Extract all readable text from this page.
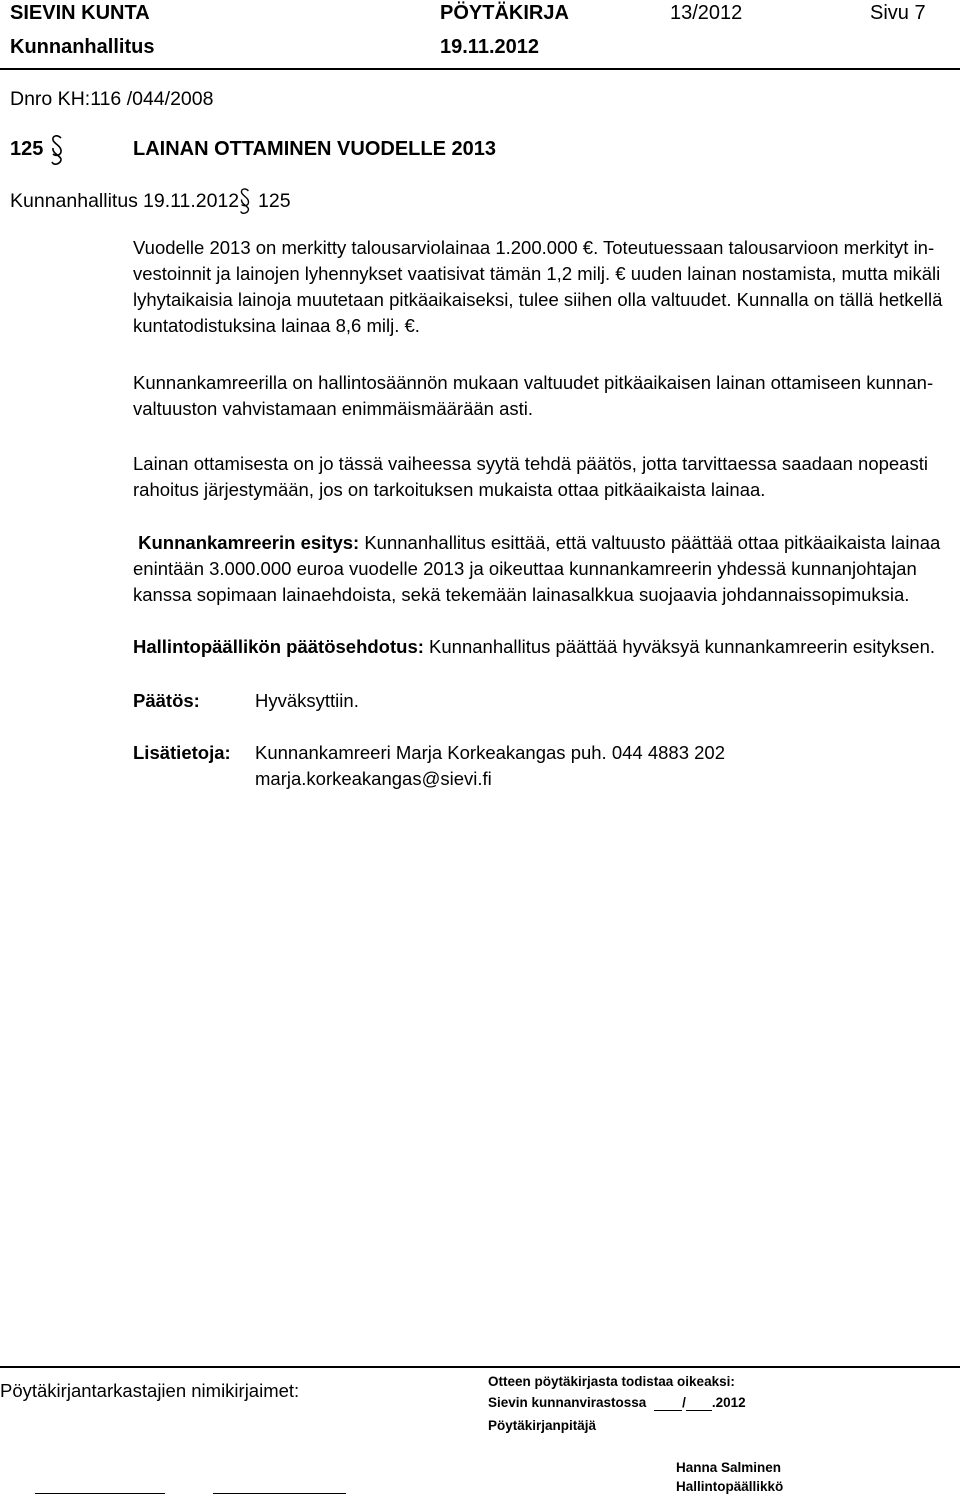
SIEVIN KUNTA	PÖYTÄKIRJA	13/2012	Sivu 7
Kunnanhallitus	19.11.2012
Dnro KH:116 /044/2008
125	LAINAN OTTAMINEN VUODELLE 2013
Kunnanhallitus 19.11.2012 125
Vuodelle 2013 on merkitty talousarviolainaa 1.200.000 €. Toteutuessaan talousarvioon merkityt in-
vestoinnit ja lainojen lyhennykset vaatisivat tämän 1,2 milj. € uuden lainan nostamista, mutta mikäli
lyhytaikaisia lainoja muutetaan pitkäaikaiseksi, tulee siihen olla valtuudet. Kunnalla on tällä hetkellä
kuntatodistuksina lainaa 8,6 milj. €.
Kunnankamreerilla on hallintosäännön mukaan valtuudet pitkäaikaisen lainan ottamiseen kunnan-
valtuuston vahvistamaan enimmäismäärään asti.
Lainan ottamisesta on jo tässä vaiheessa syytä tehdä päätös, jotta tarvittaessa saadaan nopeasti
rahoitus järjestymään, jos on tarkoituksen mukaista ottaa pitkäaikaista lainaa.
Kunnankamreerin esitys: Kunnanhallitus esittää, että valtuusto päättää ottaa pitkäaikaista lainaa
enintään 3.000.000 euroa vuodelle 2013 ja oikeuttaa kunnankamreerin yhdessä kunnanjohtajan
kanssa sopimaan lainaehdoista, sekä tekemään lainasalkkua suojaavia johdannaissopimuksia.
Hallintopäällikön päätösehdotus: Kunnanhallitus päättää hyväksyä kunnankamreerin esityksen.
Päätös:	Hyväksyttiin.
Lisätietoja: Kunnankamreeri Marja Korkeakangas puh. 044 4883 202
marja.korkeakangas@sievi.fi
Pöytäkirjantarkastajien nimikirjaimet:	Otteen pöytäkirjasta todistaa oikeaksi:
Sievin kunnanvirastossa	/ .2012
Pöytäkirjanpitäjä
Hanna Salminen
Hallintopäällikkö
